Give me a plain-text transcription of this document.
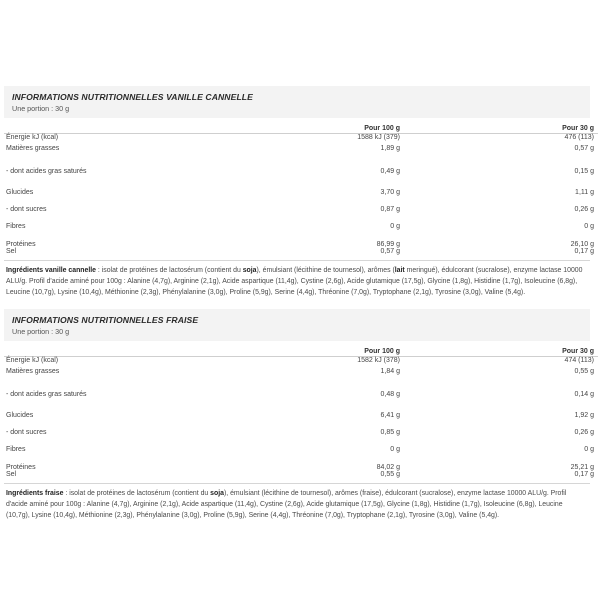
INFORMATIONS NUTRITIONNELLES VANILLE CANNELLE
Une portion : 30 g
	Pour 100 g	Pour 30 g
Énergie kJ (kcal)	1588 kJ (379)	476 (113)
Matières grasses	1,89 g	0,57 g
- dont acides gras saturés	0,49 g	0,15 g
Glucides	3,70 g	1,11 g
- dont sucres	0,87 g	0,26 g
Fibres	0 g	0 g
Protéines	86,99 g	26,10 g
Sel	0,57 g	0,17 g
Ingrédients vanille cannelle : isolat de protéines de lactosérum (contient du soja), émulsiant (lécithine de tournesol), arômes (lait meringué), édulcorant (sucralose), enzyme lactase 10000 ALU/g. Profil d'acide aminé pour 100g : Alanine (4,7g), Arginine (2,1g), Acide aspartique (11,4g), Cystine (2,6g), Acide glutamique (17,5g), Glycine (1,8g), Histidine (1,7g), Isoleucine (6,8g), Leucine (10,7g), Lysine (10,4g), Méthionine (2,3g), Phénylalanine (3,0g), Proline (5,9g), Serine (4,4g), Thréonine (7,0g), Tryptophane (2,1g), Tyrosine (3,0g), Valine (5,4g).
INFORMATIONS NUTRITIONNELLES FRAISE
Une portion : 30 g
	Pour 100 g	Pour 30 g
Énergie kJ (kcal)	1582 kJ (378)	474 (113)
Matières grasses	1,84 g	0,55 g
- dont acides gras saturés	0,48 g	0,14 g
Glucides	6,41 g	1,92 g
- dont sucres	0,85 g	0,26 g
Fibres	0 g	0 g
Protéines	84,02 g	25,21 g
Sel	0,55 g	0,17 g
Ingrédients fraise : isolat de protéines de lactosérum (contient du soja), émulsiant (lécithine de tournesol), arômes (fraise), édulcorant (sucralose), enzyme lactase 10000 ALU/g. Profil d'acide aminé pour 100g : Alanine (4,7g), Arginine (2,1g), Acide aspartique (11,4g), Cystine (2,6g), Acide glutamique (17,5g), Glycine (1,8g), Histidine (1,7g), Isoleucine (6,8g), Leucine (10,7g), Lysine (10,4g), Méthionine (2,3g), Phénylalanine (3,0g), Proline (5,9g), Serine (4,4g), Thréonine (7,0g), Tryptophane (2,1g), Tyrosine (3,0g), Valine (5,4g).
